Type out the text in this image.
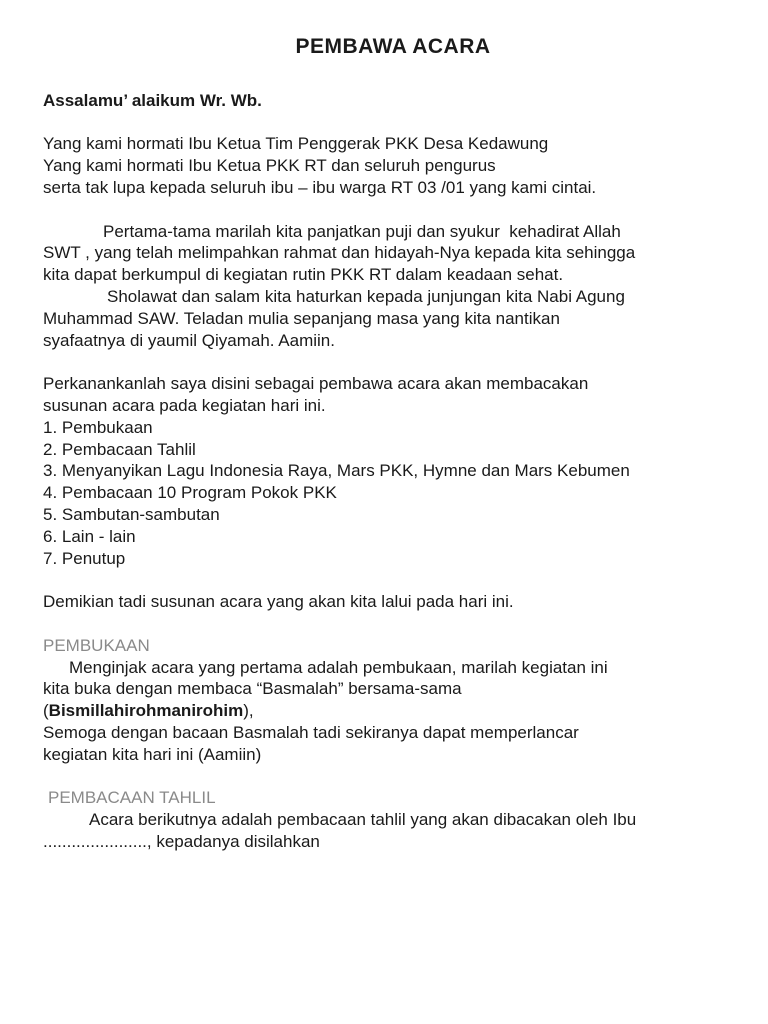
PEMBAWA ACARA

Assalamu’ alaikum Wr. Wb.

Yang kami hormati Ibu Ketua Tim Penggerak PKK Desa Kedawung

Yang kami hormati Ibu Ketua PKK RT dan seluruh pengurus

serta tak lupa kepada seluruh ibu – ibu warga RT 03 /01 yang kami cintai.

Pertama-tama marilah kita panjatkan puji dan syukur  kehadirat Allah

SWT , yang telah melimpahkan rahmat dan hidayah-Nya kepada kita sehingga

kita dapat berkumpul di kegiatan rutin PKK RT dalam keadaan sehat.

Sholawat dan salam kita haturkan kepada junjungan kita Nabi Agung

Muhammad SAW. Teladan mulia sepanjang masa yang kita nantikan

syafaatnya di yaumil Qiyamah. Aamiin.

Perkanankanlah saya disini sebagai pembawa acara akan membacakan

susunan acara pada kegiatan hari ini.

1. Pembukaan
2. Pembacaan Tahlil
3. Menyanyikan Lagu Indonesia Raya, Mars PKK, Hymne dan Mars Kebumen
4. Pembacaan 10 Program Pokok PKK
5. Sambutan-sambutan
6. Lain - lain
7. Penutup

Demikian tadi susunan acara yang akan kita lalui pada hari ini.

PEMBUKAAN

Menginjak acara yang pertama adalah pembukaan, marilah kegiatan ini

kita buka dengan membaca “Basmalah” bersama-sama

(Bismillahirohmanirohim),

Semoga dengan bacaan Basmalah tadi sekiranya dapat memperlancar

kegiatan kita hari ini (Aamiin)

PEMBACAAN TAHLIL

Acara berikutnya adalah pembacaan tahlil yang akan dibacakan oleh Ibu

......................, kepadanya disilahkan
